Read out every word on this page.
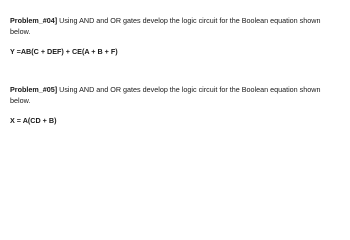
Problem_#04] Using AND and OR gates develop the logic circuit for the Boolean equation shown below.

Y =AB(C + DEF) + CE(A + B + F)

Problem_#05] Using AND and OR gates develop the logic circuit for the Boolean equation shown below.

X = A(CD + B)
